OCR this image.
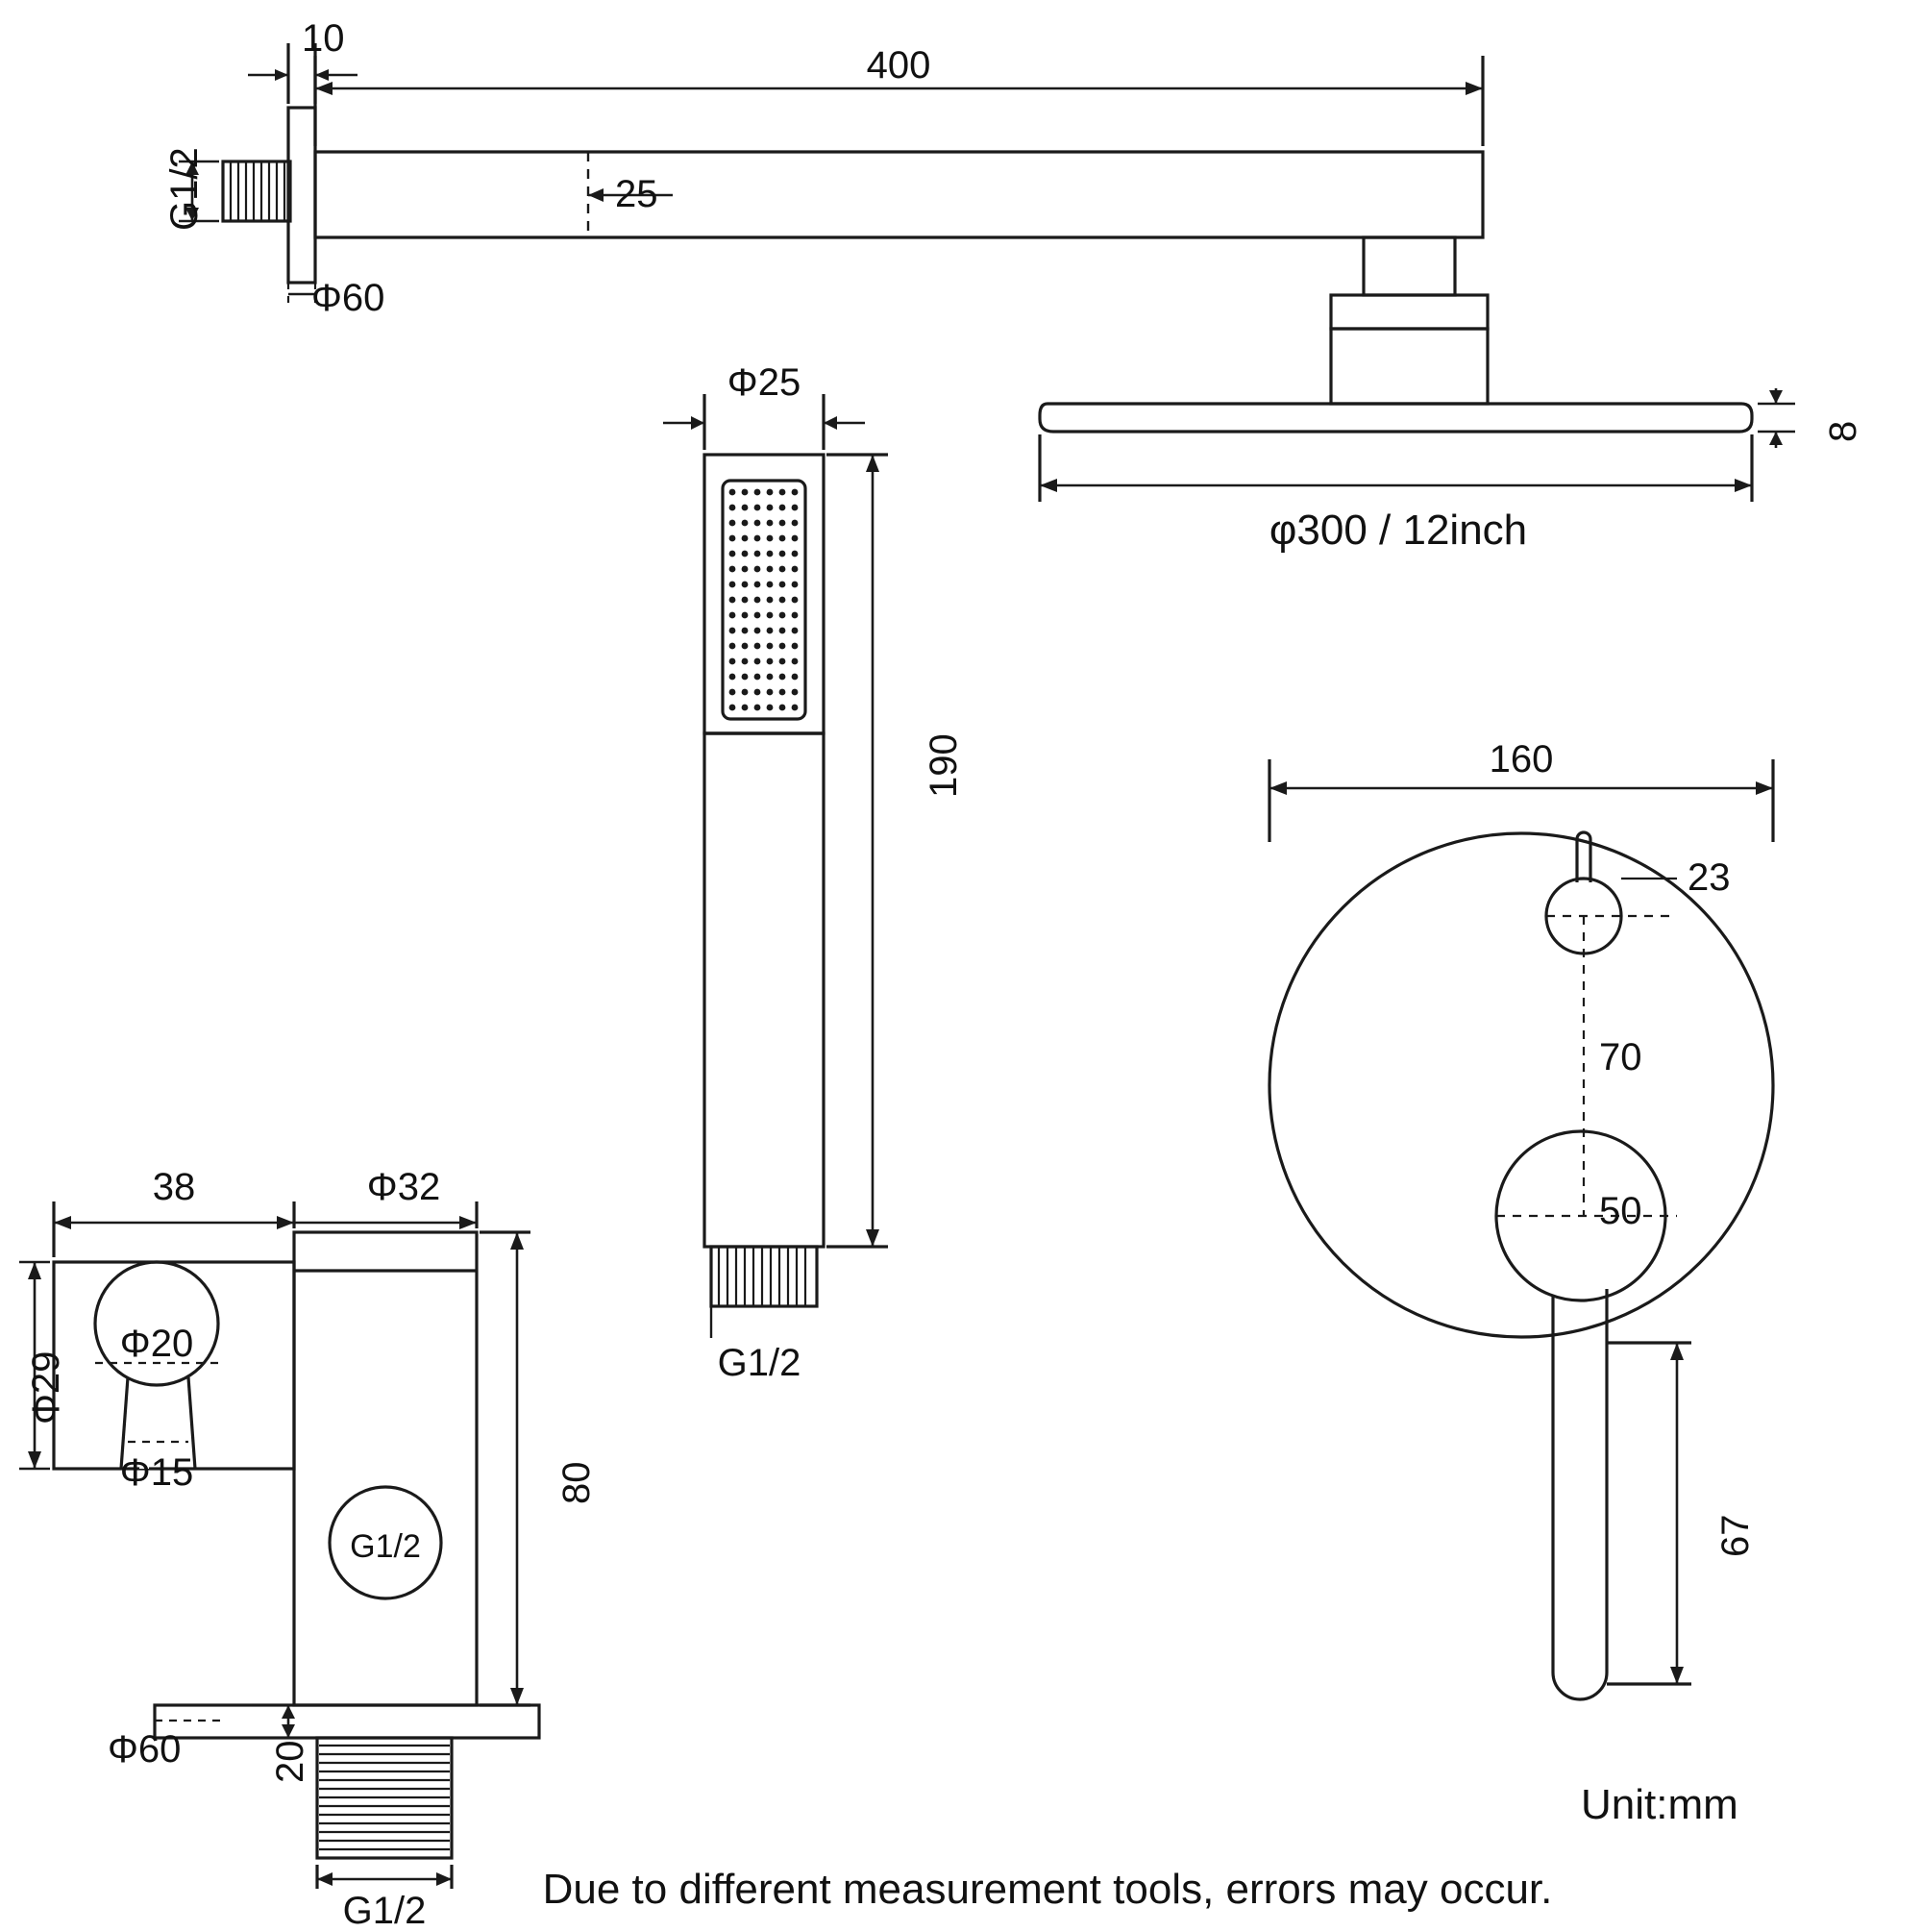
10
400
25
G1/2
Φ60
8
φ300 / 12inch
Φ25
190
G1/2
38	Φ32
Φ29
Φ20
Φ15	80
G1/2
Φ60 20
G1/2
160
23
70
50
67
Unit:mm
Due to different measurement tools, errors may occur.
